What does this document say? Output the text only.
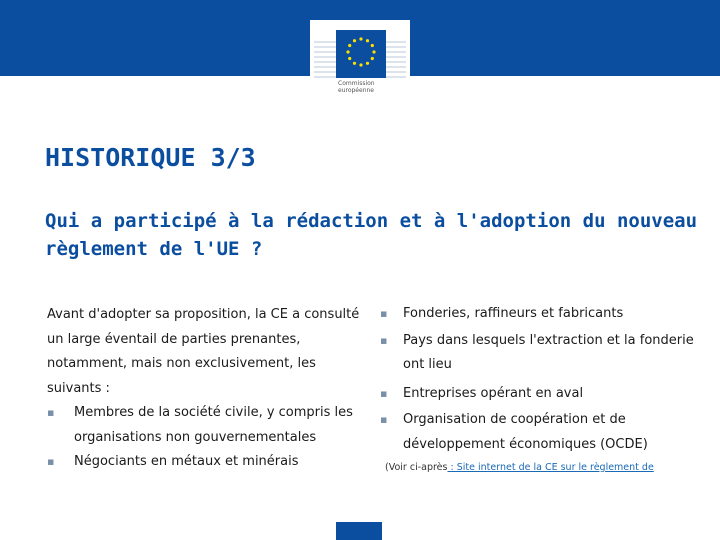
Commission
européenne
HISTORIQUE 3/3
Qui a participé à la rédaction et à l'adoption du nouveau règlement de l'UE ?
Avant d'adopter sa proposition, la CE a consulté un large éventail de parties prenantes, notamment, mais non exclusivement, les suivants :
▪ Membres de la société civile, y compris les organisations non gouvernementales
▪ Négociants en métaux et minérais
▪ Fonderies, raffineurs et fabricants
▪ Pays dans lesquels l'extraction et la fonderie ont lieu
▪ Entreprises opérant en aval
▪ Organisation de coopération et de développement économiques (OCDE)
(Voir ci-après : Site internet de la CE sur le règlement de
